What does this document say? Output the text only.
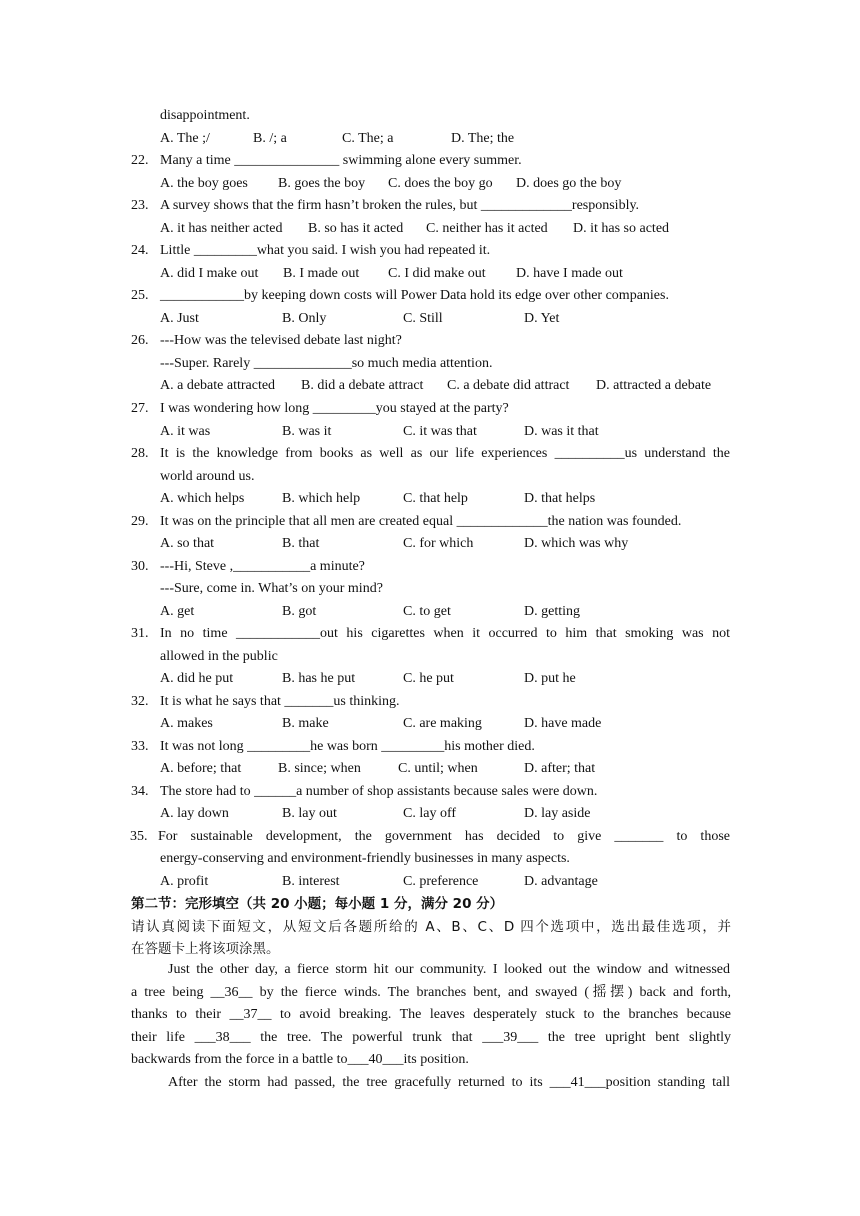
disappointment.
A. The ;/	B. /; a	C. The; a	D. The; the
22. Many a time _______________ swimming alone every summer.
A. the boy goes B. goes the boy C. does the boy go D. does go the boy
23. A survey shows that the firm hasn’t broken the rules, but _____________responsibly.
A. it has neither acted B. so has it acted C. neither has it acted D. it has so acted
24. Little _________what you said. I wish you had repeated it.
A. did I make out B. I made out C. I did make out D. have I made out
25. ____________by keeping down costs will Power Data hold its edge over other companies.
A. Just	B. Only	C. Still	D. Yet
26. ---How was the televised debate last night?
---Super. Rarely ______________so much media attention.
A. a debate attracted B. did a debate attract C. a debate did attract D. attracted a debate
27. I was wondering how long _________you stayed at the party?
A. it was	B. was it	C. it was that	D. was it that
28. It is the knowledge from books as well as our life experiences __________us understand the
world around us.
A. which helps	B. which help	C. that help	D. that helps
29. It was on the principle that all men are created equal _____________the nation was founded.
A. so that	B. that	C. for which	D. which was why
30. ---Hi, Steve ,___________a minute?
---Sure, come in. What’s on your mind?
A. get	B. got	C. to get	D. getting
31. In no time ____________out his cigarettes when it occurred to him that smoking was not
allowed in the public
A. did he put	B. has he put	C. he put	D. put he
32. It is what he says that _______us thinking.
A. makes	B. make	C. are making	D. have made
33. It was not long _________he was born _________his mother died.
A. before; that	B. since; when	C. until; when	D. after; that
34. The store had to ______a number of shop assistants because sales were down.
A. lay down	B. lay out	C. lay off	D. lay aside
35. For sustainable development, the government has decided to give _______ to those
energy-conserving and environment-friendly businesses in many aspects.
A. profit	B. interest	C. preference	D. advantage
第二节：完形填空（共 20 小题；每小题 1 分，满分 20 分）
请认真阅读下面短文，从短文后各题所给的 A、B、C、D 四个选项中，选出最佳选项，并
在答题卡上将该项涂黑。
Just the other day, a fierce storm hit our community. I looked out the window and witnessed
a tree being __36__ by the fierce winds. The branches bent, and swayed (摇摆) back and forth,
thanks to their __37__ to avoid breaking. The leaves desperately stuck to the branches because
their life ___38___ the tree. The powerful trunk that ___39___ the tree upright bent slightly
backwards from the force in a battle to___40___its position.
After the storm had passed, the tree gracefully returned to its ___41___position standing tall
